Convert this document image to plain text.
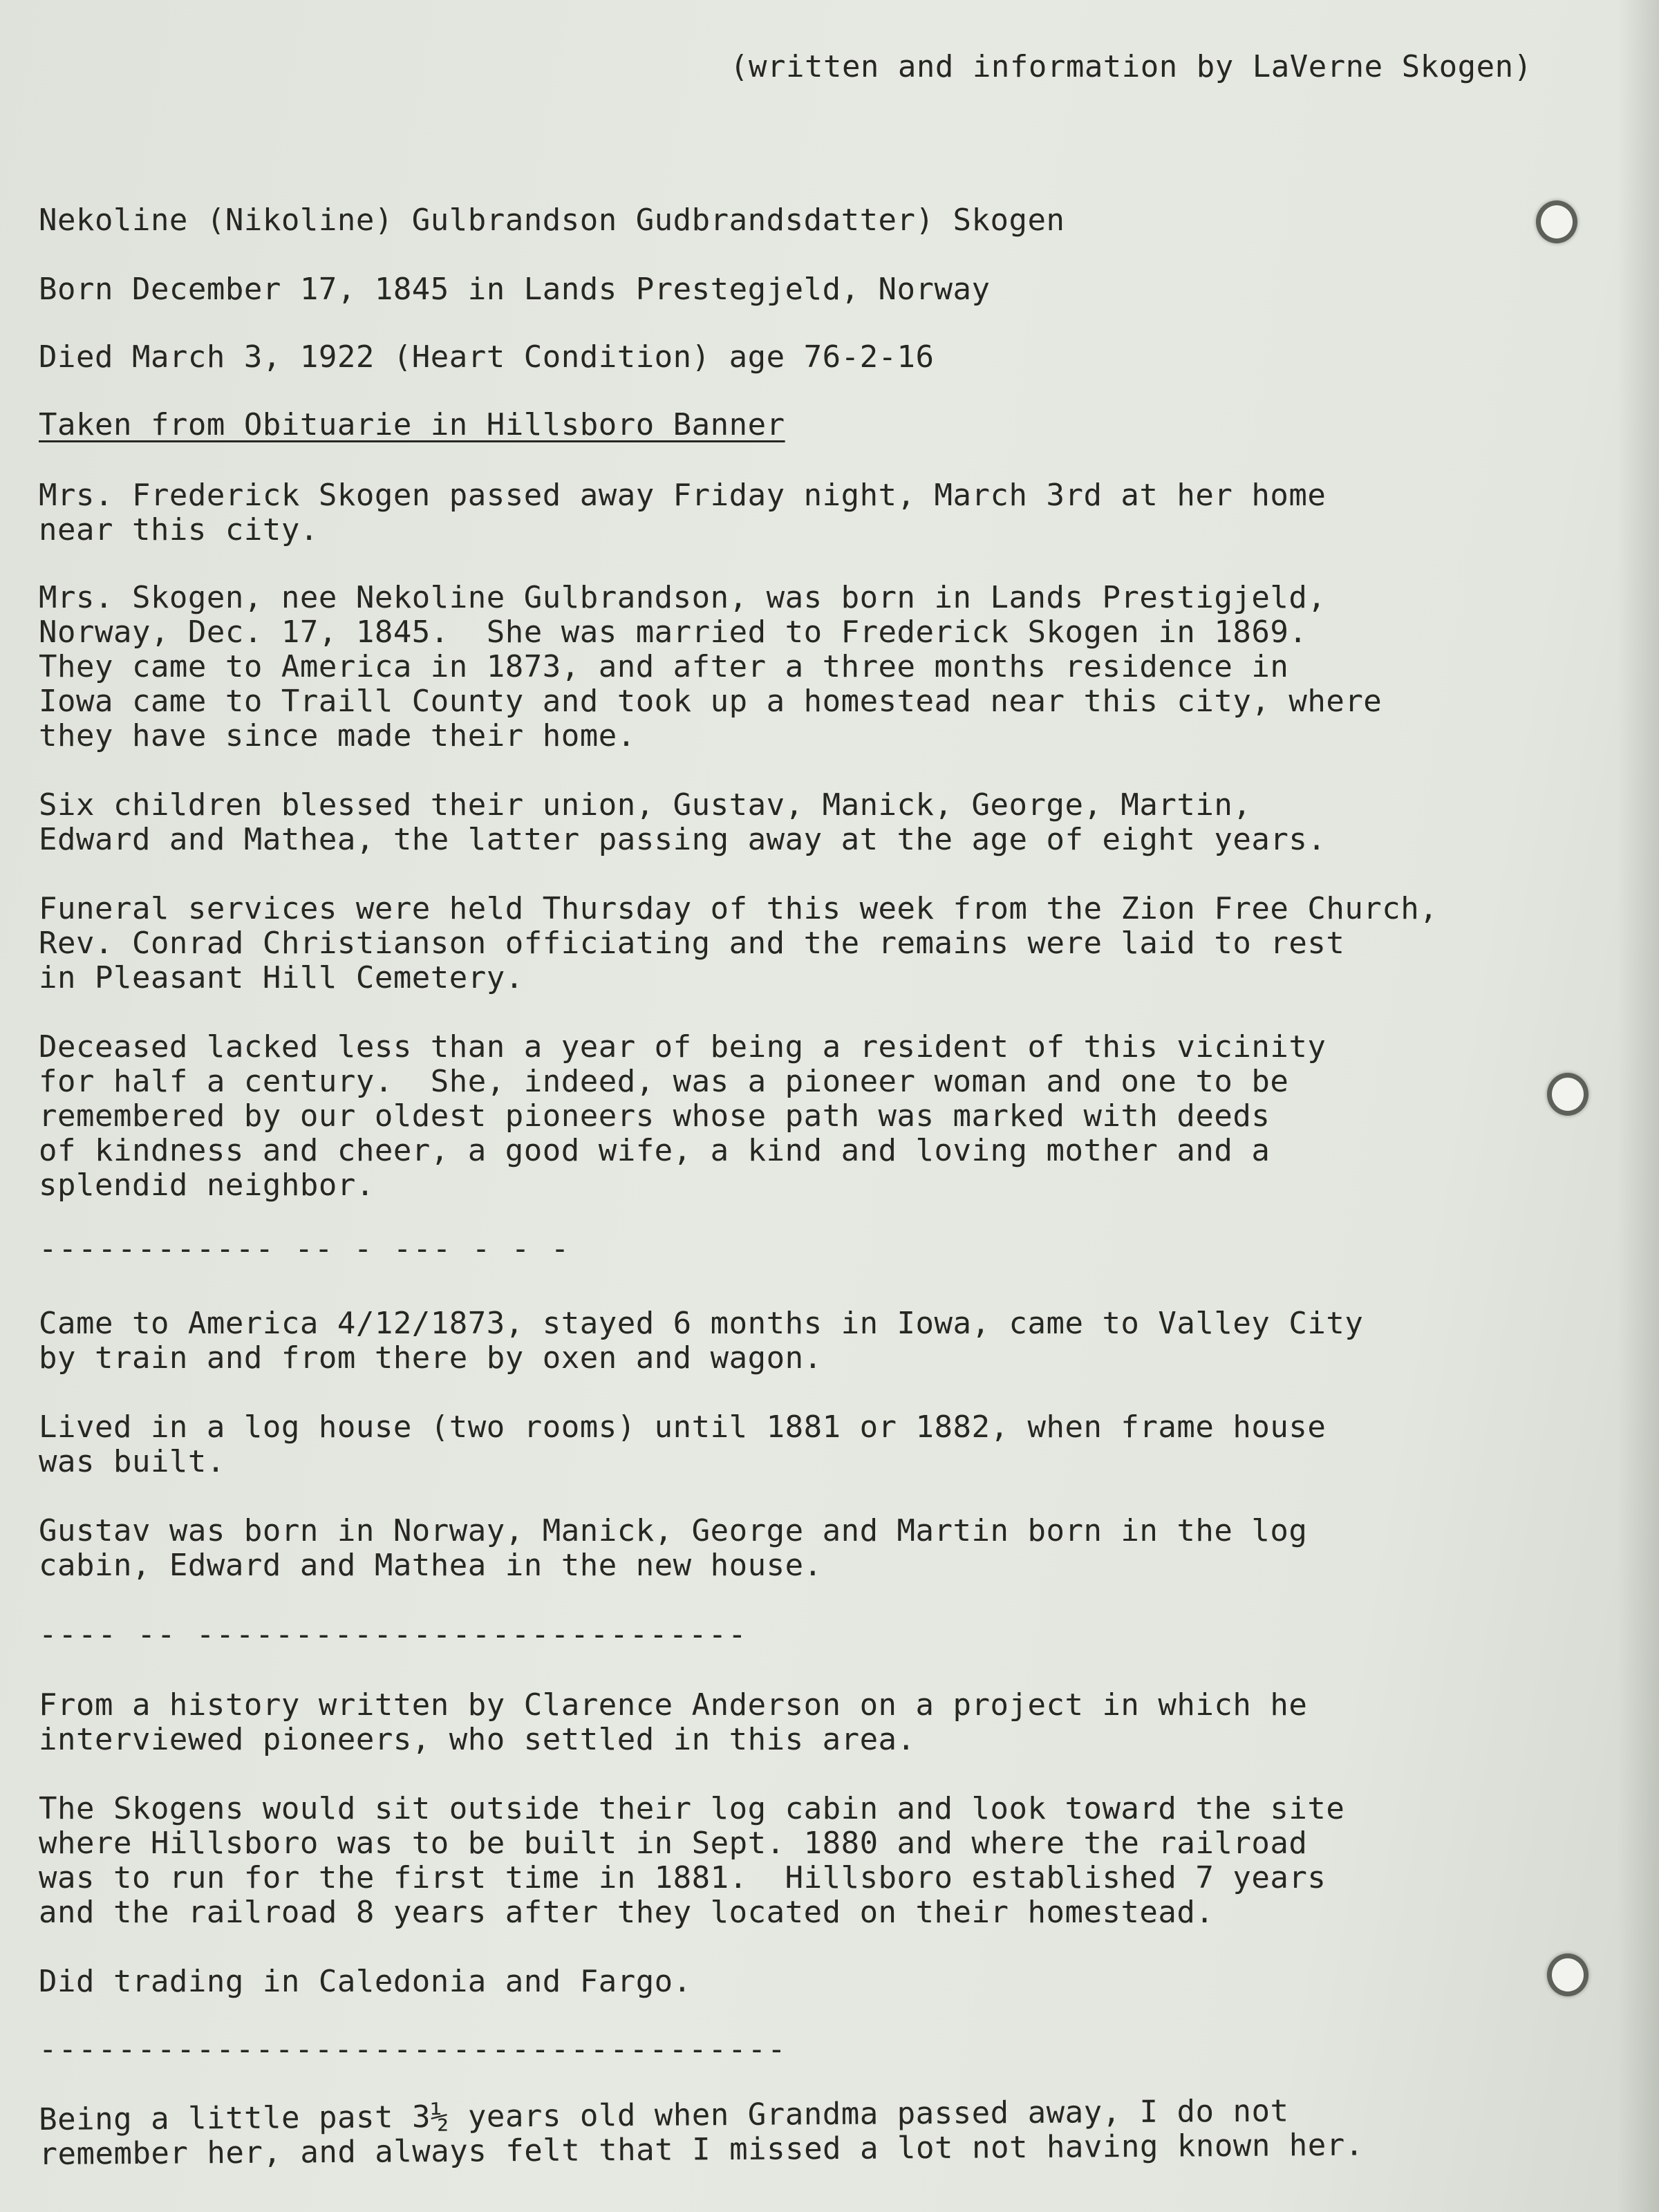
(written and information by LaVerne Skogen)
Nekoline (Nikoline) Gulbrandson Gudbrandsdatter) Skogen
Born December 17, 1845 in Lands Prestegjeld, Norway
Died March 3, 1922 (Heart Condition) age 76-2-16
Taken from Obituarie in Hillsboro Banner
Mrs. Frederick Skogen passed away Friday night, March 3rd at her home
near this city.
Mrs. Skogen, nee Nekoline Gulbrandson, was born in Lands Prestigjeld,
Norway, Dec. 17, 1845.  She was married to Frederick Skogen in 1869.
They came to America in 1873, and after a three months residence in
Iowa came to Traill County and took up a homestead near this city, where
they have since made their home.
Six children blessed their union, Gustav, Manick, George, Martin,
Edward and Mathea, the latter passing away at the age of eight years.
Funeral services were held Thursday of this week from the Zion Free Church,
Rev. Conrad Christianson officiating and the remains were laid to rest
in Pleasant Hill Cemetery.
Deceased lacked less than a year of being a resident of this vicinity
for half a century.  She, indeed, was a pioneer woman and one to be
remembered by our oldest pioneers whose path was marked with deeds
of kindness and cheer, a good wife, a kind and loving mother and a
splendid neighbor.
------------ -- - --- - - -
Came to America 4/12/1873, stayed 6 months in Iowa, came to Valley City
by train and from there by oxen and wagon.
Lived in a log house (two rooms) until 1881 or 1882, when frame house
was built.
Gustav was born in Norway, Manick, George and Martin born in the log
cabin, Edward and Mathea in the new house.
---- -- ----------------------------
From a history written by Clarence Anderson on a project in which he
interviewed pioneers, who settled in this area.
The Skogens would sit outside their log cabin and look toward the site
where Hillsboro was to be built in Sept. 1880 and where the railroad
was to run for the first time in 1881.  Hillsboro established 7 years
and the railroad 8 years after they located on their homestead.
Did trading in Caledonia and Fargo.
--------------------------------------
Being a little past 3½ years old when Grandma passed away, I do not
remember her, and always felt that I missed a lot not having known her.
